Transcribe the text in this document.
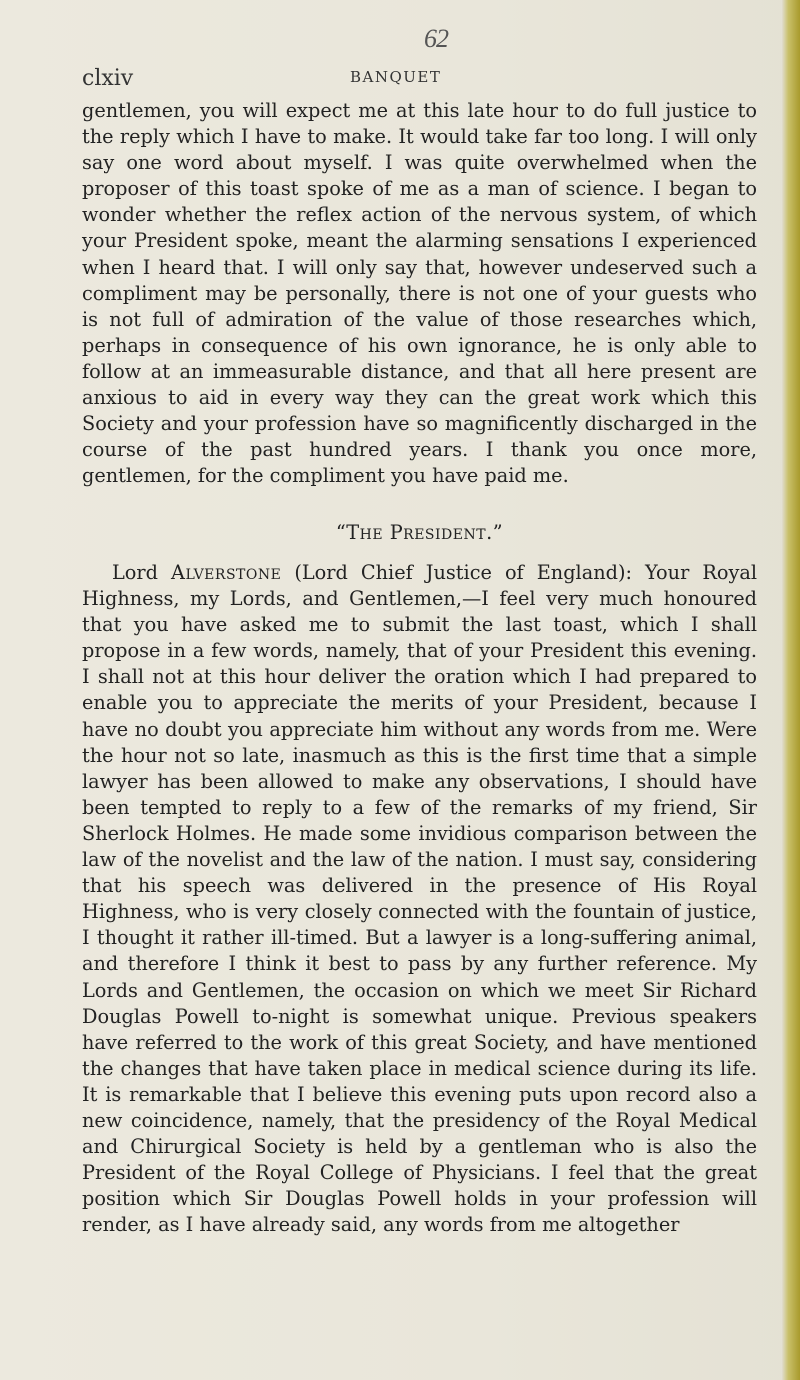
62
clxiv	BANQUET
gentlemen, you will expect me at this late hour to do full justice to the reply which I have to make. It would take far too long. I will only say one word about myself. I was quite overwhelmed when the proposer of this toast spoke of me as a man of science. I began to wonder whether the reflex action of the nervous system, of which your President spoke, meant the alarming sensations I experienced when I heard that. I will only say that, however undeserved such a compliment may be personally, there is not one of your guests who is not full of admiration of the value of those researches which, perhaps in consequence of his own ignorance, he is only able to follow at an immeasurable distance, and that all here present are anxious to aid in every way they can the great work which this Society and your profession have so magnificently discharged in the course of the past hundred years. I thank you once more, gentlemen, for the compliment you have paid me.
“The President.”
Lord Alverstone (Lord Chief Justice of England): Your Royal Highness, my Lords, and Gentlemen,—I feel very much honoured that you have asked me to submit the last toast, which I shall propose in a few words, namely, that of your President this evening. I shall not at this hour deliver the oration which I had prepared to enable you to appreciate the merits of your President, because I have no doubt you appreciate him without any words from me. Were the hour not so late, inasmuch as this is the first time that a simple lawyer has been allowed to make any observations, I should have been tempted to reply to a few of the remarks of my friend, Sir Sherlock Holmes. He made some invidious comparison between the law of the novelist and the law of the nation. I must say, considering that his speech was delivered in the presence of His Royal Highness, who is very closely connected with the fountain of justice, I thought it rather ill-timed. But a lawyer is a long-suffering animal, and therefore I think it best to pass by any further reference. My Lords and Gentlemen, the occasion on which we meet Sir Richard Douglas Powell to-night is somewhat unique. Previous speakers have referred to the work of this great Society, and have mentioned the changes that have taken place in medical science during its life. It is remarkable that I believe this evening puts upon record also a new coincidence, namely, that the presidency of the Royal Medical and Chirurgical Society is held by a gentleman who is also the President of the Royal College of Physicians. I feel that the great position which Sir Douglas Powell holds in your profession will render, as I have already said, any words from me altogether
